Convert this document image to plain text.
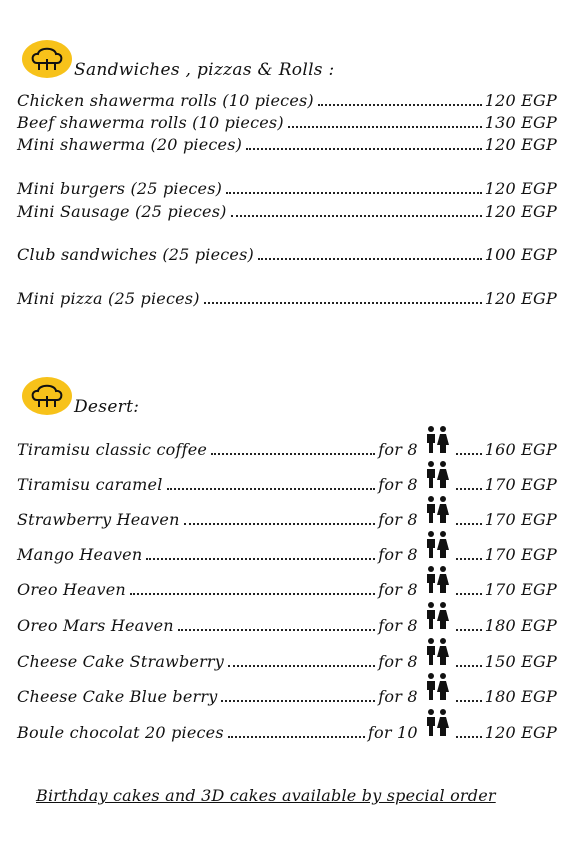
Sandwiches , pizzas & Rolls :
Chicken shawerma rolls (10 pieces)	120 EGP
Beef shawerma rolls (10 pieces)	130 EGP
Mini shawerma (20 pieces)	120 EGP
Mini burgers (25 pieces)	120 EGP
Mini Sausage (25 pieces)	120 EGP
Club sandwiches (25 pieces)	100 EGP
Mini pizza (25 pieces)	120 EGP
Desert:
Tiramisu classic coffee	for 8	160 EGP
Tiramisu caramel	for 8	170 EGP
Strawberry Heaven	for 8	170 EGP
Mango Heaven	for 8	170 EGP
Oreo Heaven	for 8	170 EGP
Oreo Mars Heaven	for 8	180 EGP
Cheese Cake Strawberry	for 8	150 EGP
Cheese Cake Blue berry	for 8	180 EGP
Boule chocolat 20 pieces	for 10	120 EGP
Birthday cakes and 3D cakes available by special order
